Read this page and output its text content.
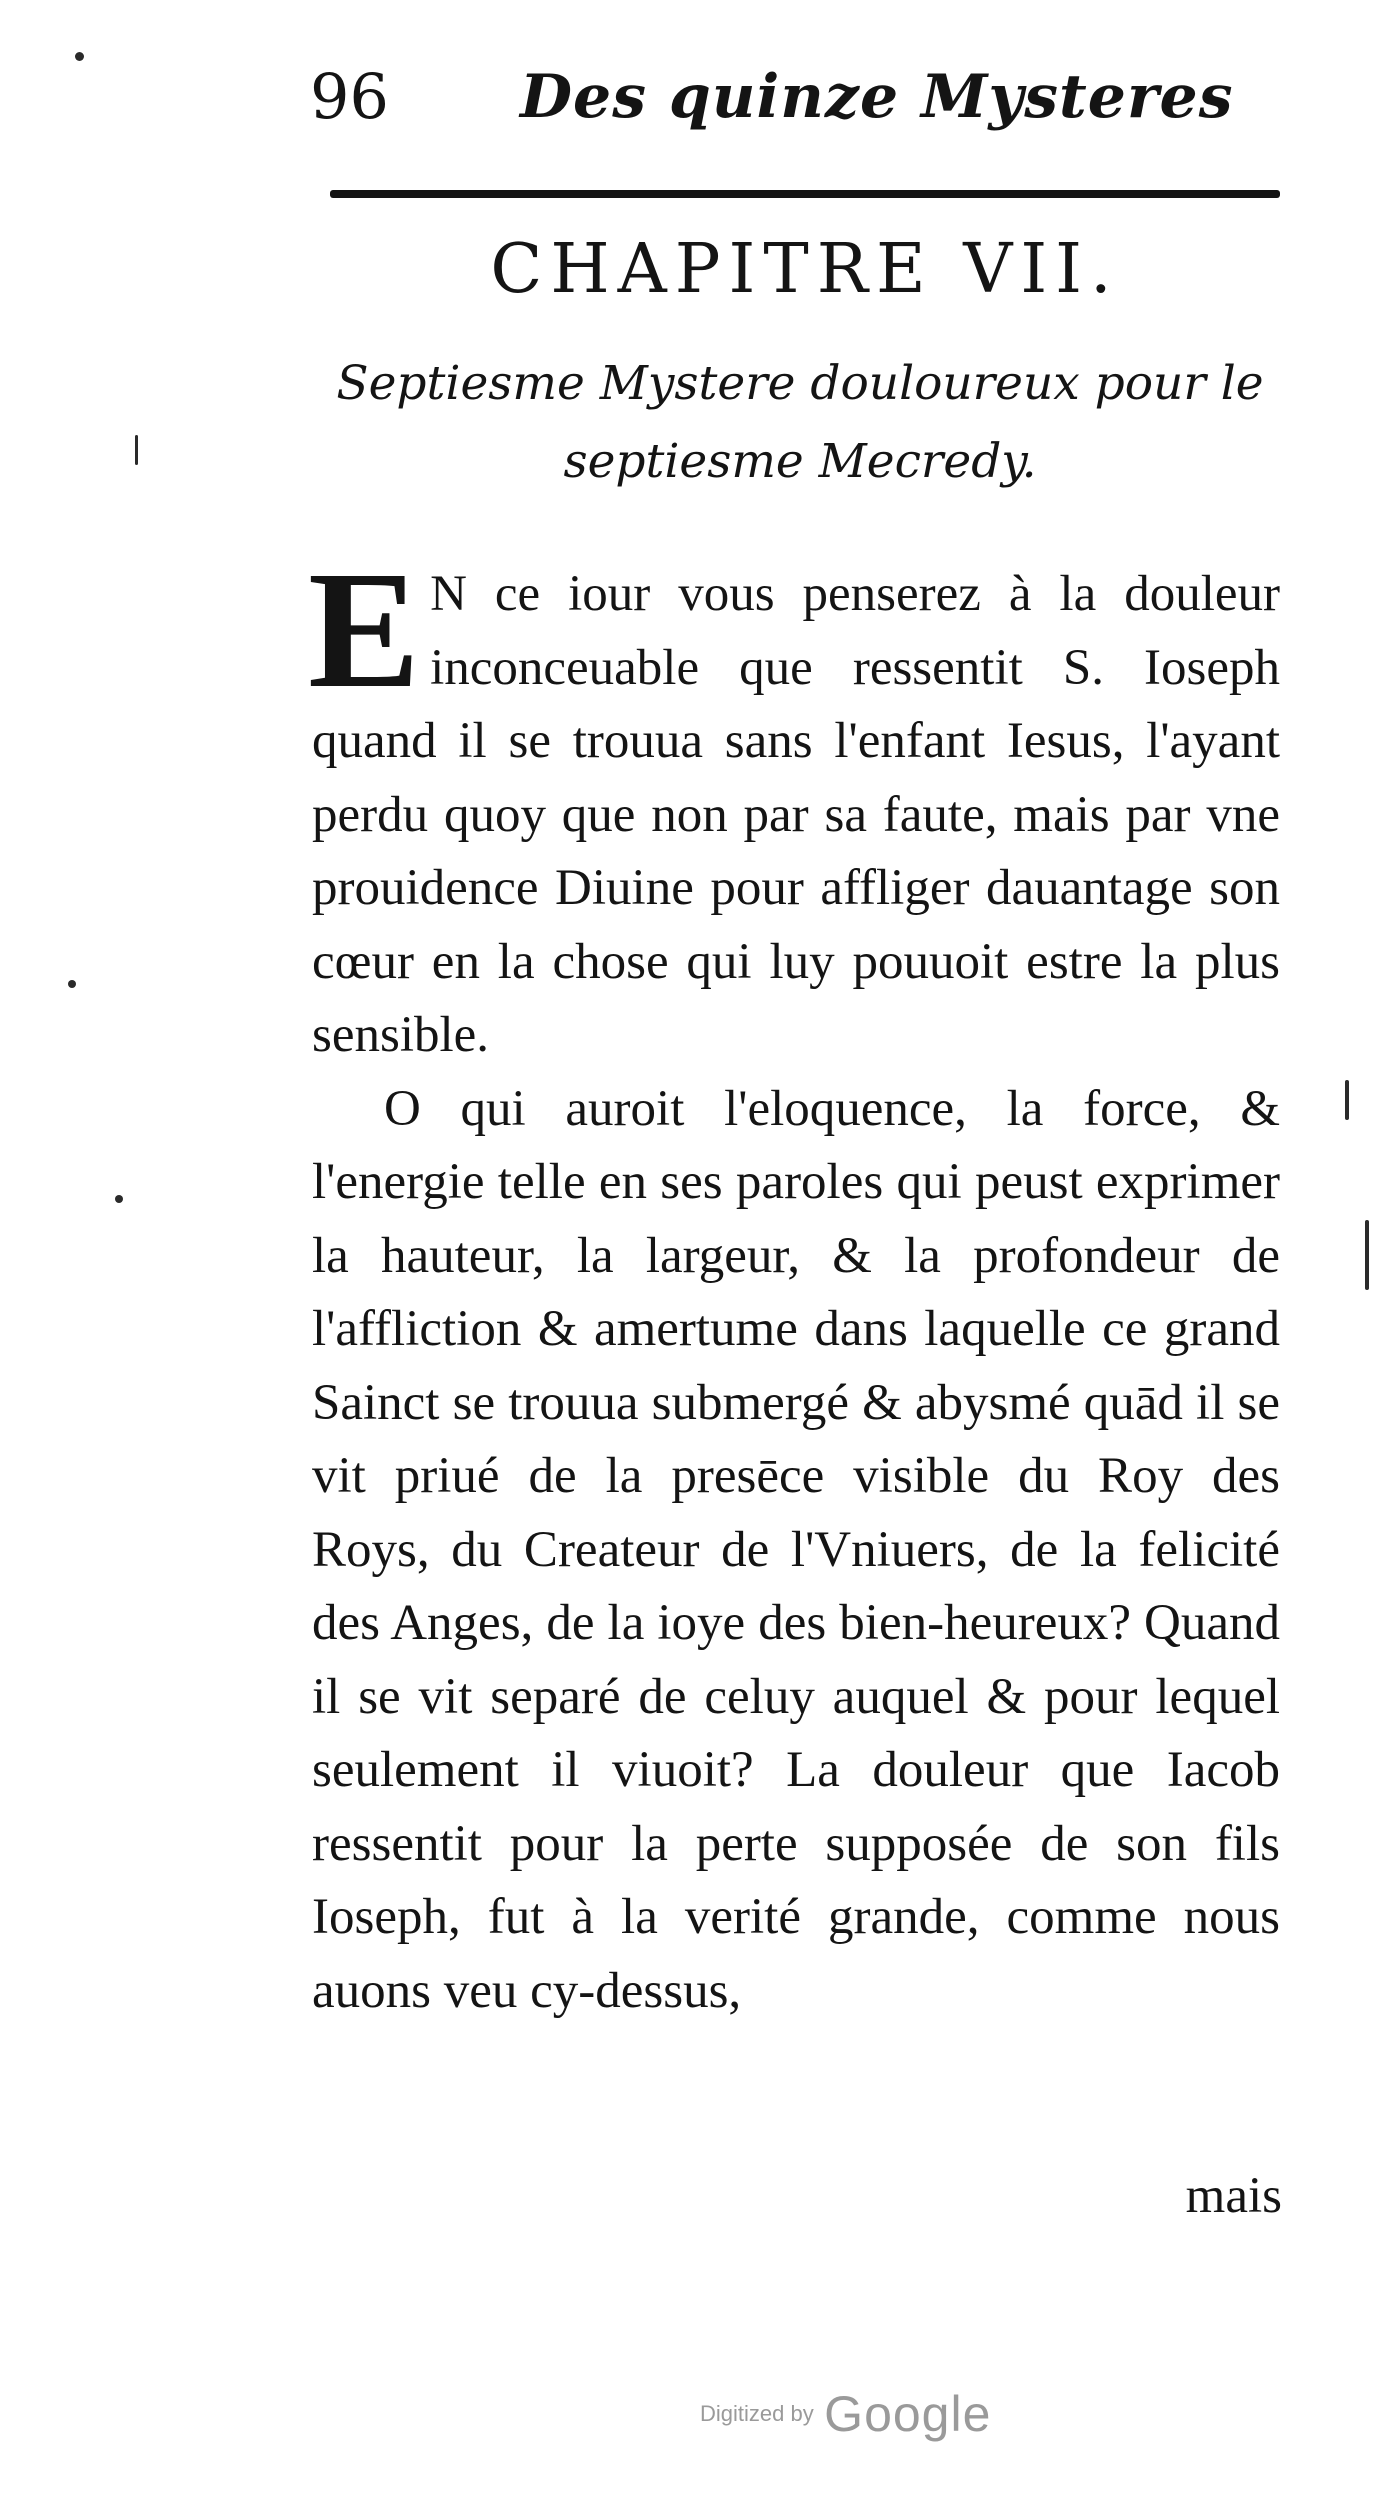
96 Des quinze Mysteres
CHAPITRE VII.
Septiesme Mystere douloureux pour le
septiesme Mecredy.

E N ce iour vous penserez à la douleur inconceuable que ressentit S. Ioseph quand il se trouua sans l'enfant Iesus, l'ayant perdu quoy que non par sa faute, mais par vne prouidence Diuine pour affliger dauantage son cœur en la chose qui luy pouuoit estre la plus sensible.

O qui auroit l'eloquence, la force, & l'energie telle en ses paroles qui peust exprimer la hauteur, la largeur, & la profondeur de l'affliction & amertume dans laquelle ce grand Sainct se trouua submergé & abysmé quād il se vit priué de la presēce visible du Roy des Roys, du Createur de l'Vniuers, de la felicité des Anges, de la ioye des bien-heureux? Quand il se vit separé de celuy auquel & pour lequel seulement il viuoit? La douleur que Iacob ressentit pour la perte supposée de son fils Ioseph, fut à la verité grande, comme nous auons veu cy-dessus,

mais
Digitized by Google
